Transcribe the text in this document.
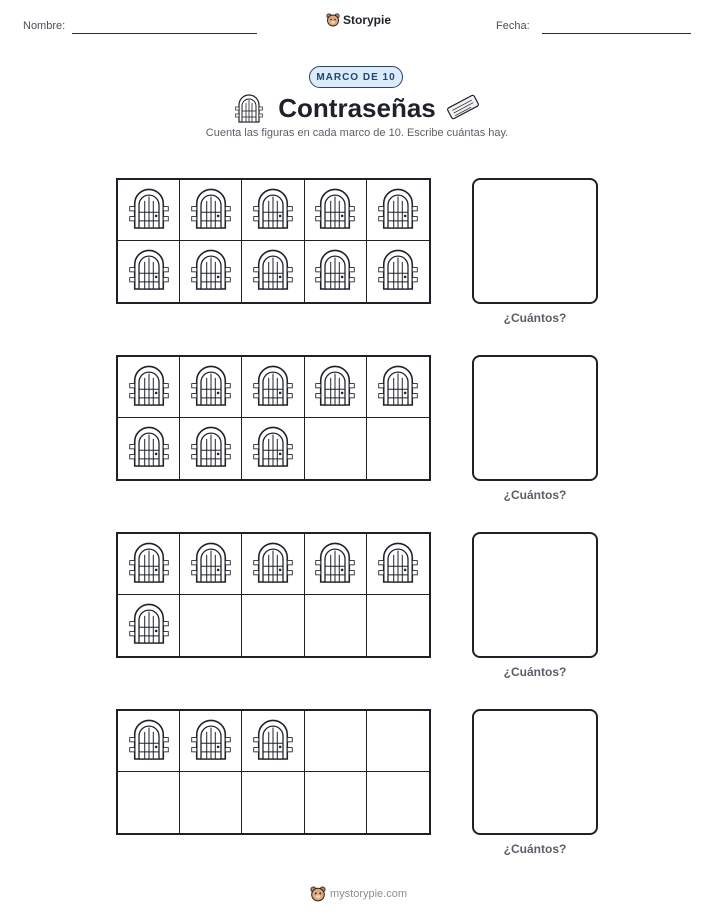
Nombre:	Storypie	Fecha:
MARCO DE 10
Contraseñas
Cuenta las figuras en cada marco de 10. Escribe cuántas hay.
¿Cuántos?
¿Cuántos?
¿Cuántos?
¿Cuántos?
mystorypie.com
